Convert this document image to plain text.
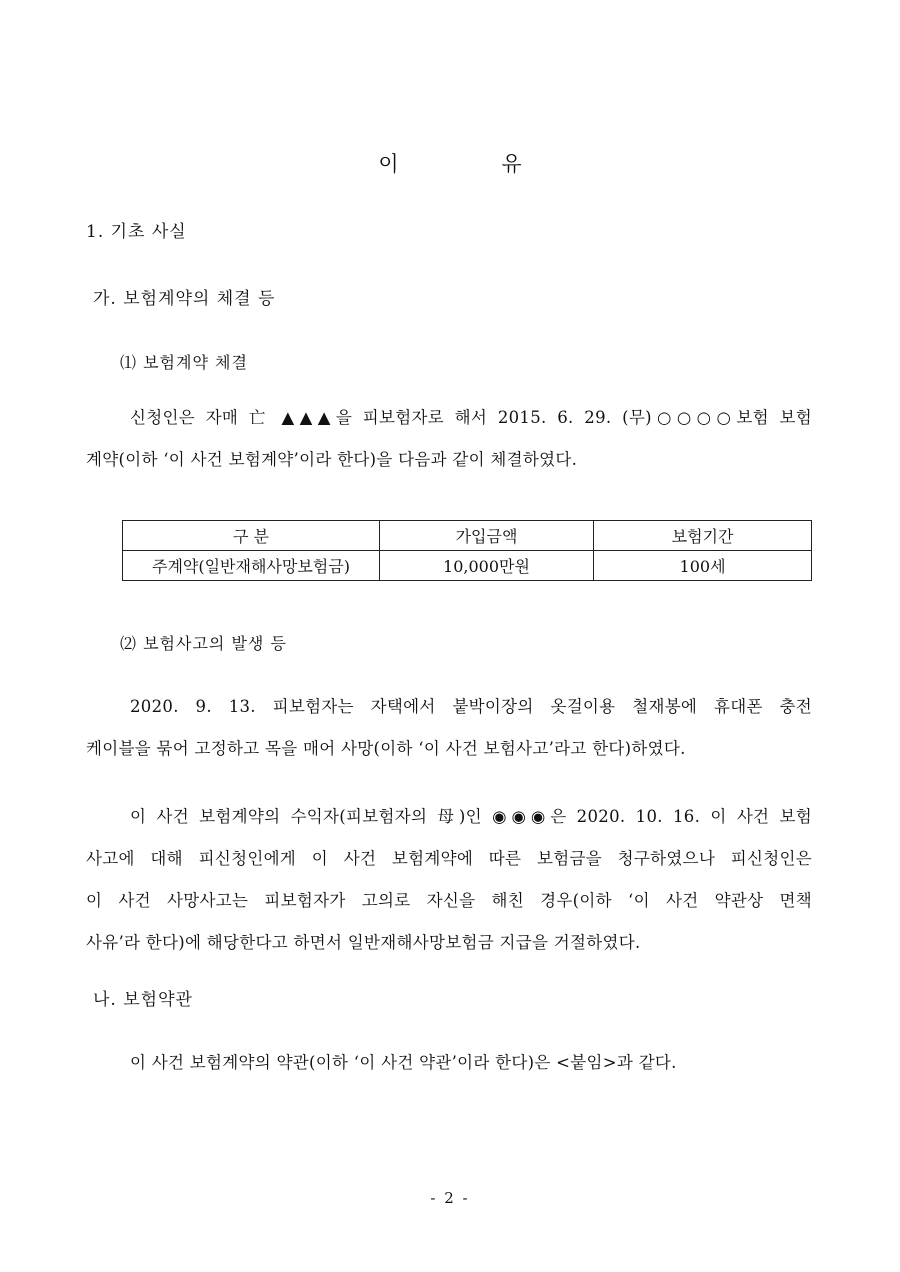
이 유
1. 기초 사실
가. 보험계약의 체결 등
⑴ 보험계약 체결
신청인은 자매 亡 ▲▲▲을 피보험자로 해서 2015. 6. 29. (무)○○○○보험 보험
계약(이하 ‘이 사건 보험계약’이라 한다)을 다음과 같이 체결하였다.
구 분	가입금액	보험기간
주계약(일반재해사망보험금)	10,000만원	100세
⑵ 보험사고의 발생 등
2020. 9. 13. 피보험자는 자택에서 붙박이장의 옷걸이용 철재봉에 휴대폰 충전
케이블을 묶어 고정하고 목을 매어 사망(이하 ‘이 사건 보험사고’라고 한다)하였다.
이 사건 보험계약의 수익자(피보험자의 母)인 ◉◉◉은 2020. 10. 16. 이 사건 보험
사고에 대해 피신청인에게 이 사건 보험계약에 따른 보험금을 청구하였으나 피신청인은
이 사건 사망사고는 피보험자가 고의로 자신을 해친 경우(이하 ‘이 사건 약관상 면책
사유’라 한다)에 해당한다고 하면서 일반재해사망보험금 지급을 거절하였다.
나. 보험약관
이 사건 보험계약의 약관(이하 ‘이 사건 약관’이라 한다)은 <붙임>과 같다.
- 2 -
